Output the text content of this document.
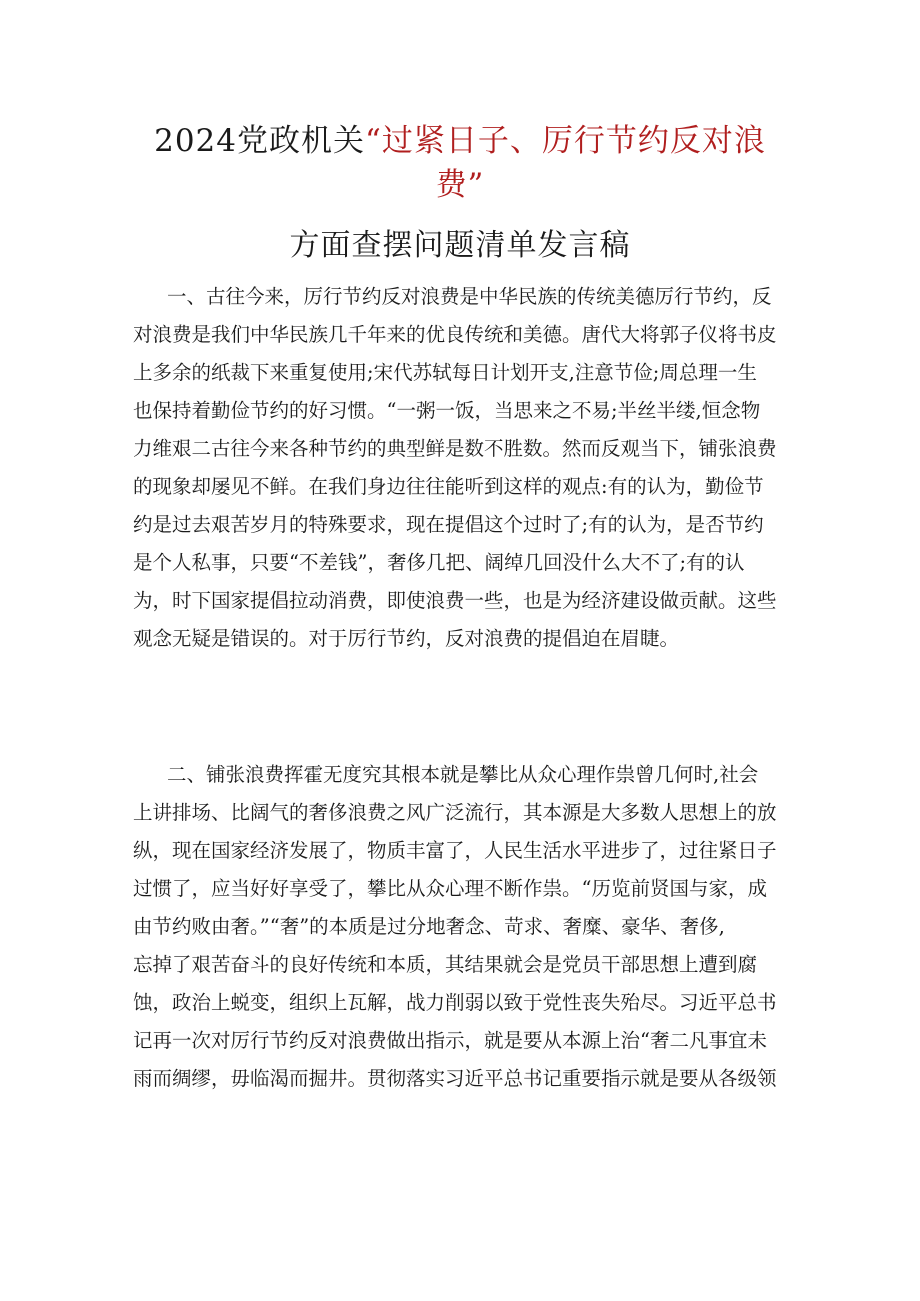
2024党政机关“过紧日子、厉行节约反对浪
费”
方面查摆问题清单发言稿
一、古往今来，厉行节约反对浪费是中华民族的传统美德厉行节约，反
对浪费是我们中华民族几千年来的优良传统和美德。唐代大将郭子仪将书皮
上多余的纸裁下来重复使用;宋代苏轼每日计划开支,注意节俭;周总理一生
也保持着勤俭节约的好习惯。“一粥一饭，当思来之不易;半丝半缕,恒念物
力维艰二古往今来各种节约的典型鲜是数不胜数。然而反观当下，铺张浪费
的现象却屡见不鲜。在我们身边往往能听到这样的观点:有的认为，勤俭节
约是过去艰苦岁月的特殊要求，现在提倡这个过时了;有的认为，是否节约
是个人私事，只要“不差钱”，奢侈几把、阔绰几回没什么大不了;有的认
为，时下国家提倡拉动消费，即使浪费一些，也是为经济建设做贡献。这些
观念无疑是错误的。对于厉行节约，反对浪费的提倡迫在眉睫。
二、铺张浪费挥霍无度究其根本就是攀比从众心理作祟曾几何时,社会
上讲排场、比阔气的奢侈浪费之风广泛流行，其本源是大多数人思想上的放
纵，现在国家经济发展了，物质丰富了，人民生活水平进步了，过往紧日子
过惯了，应当好好享受了，攀比从众心理不断作祟。“历览前贤国与家，成
由节约败由奢。”“奢”的本质是过分地奢念、苛求、奢糜、豪华、奢侈,
忘掉了艰苦奋斗的良好传统和本质，其结果就会是党员干部思想上遭到腐
蚀，政治上蜕变，组织上瓦解，战力削弱以致于党性丧失殆尽。习近平总书
记再一次对厉行节约反对浪费做出指示，就是要从本源上治“奢二凡事宜未
雨而绸缪，毋临渴而掘井。贯彻落实习近平总书记重要指示就是要从各级领
